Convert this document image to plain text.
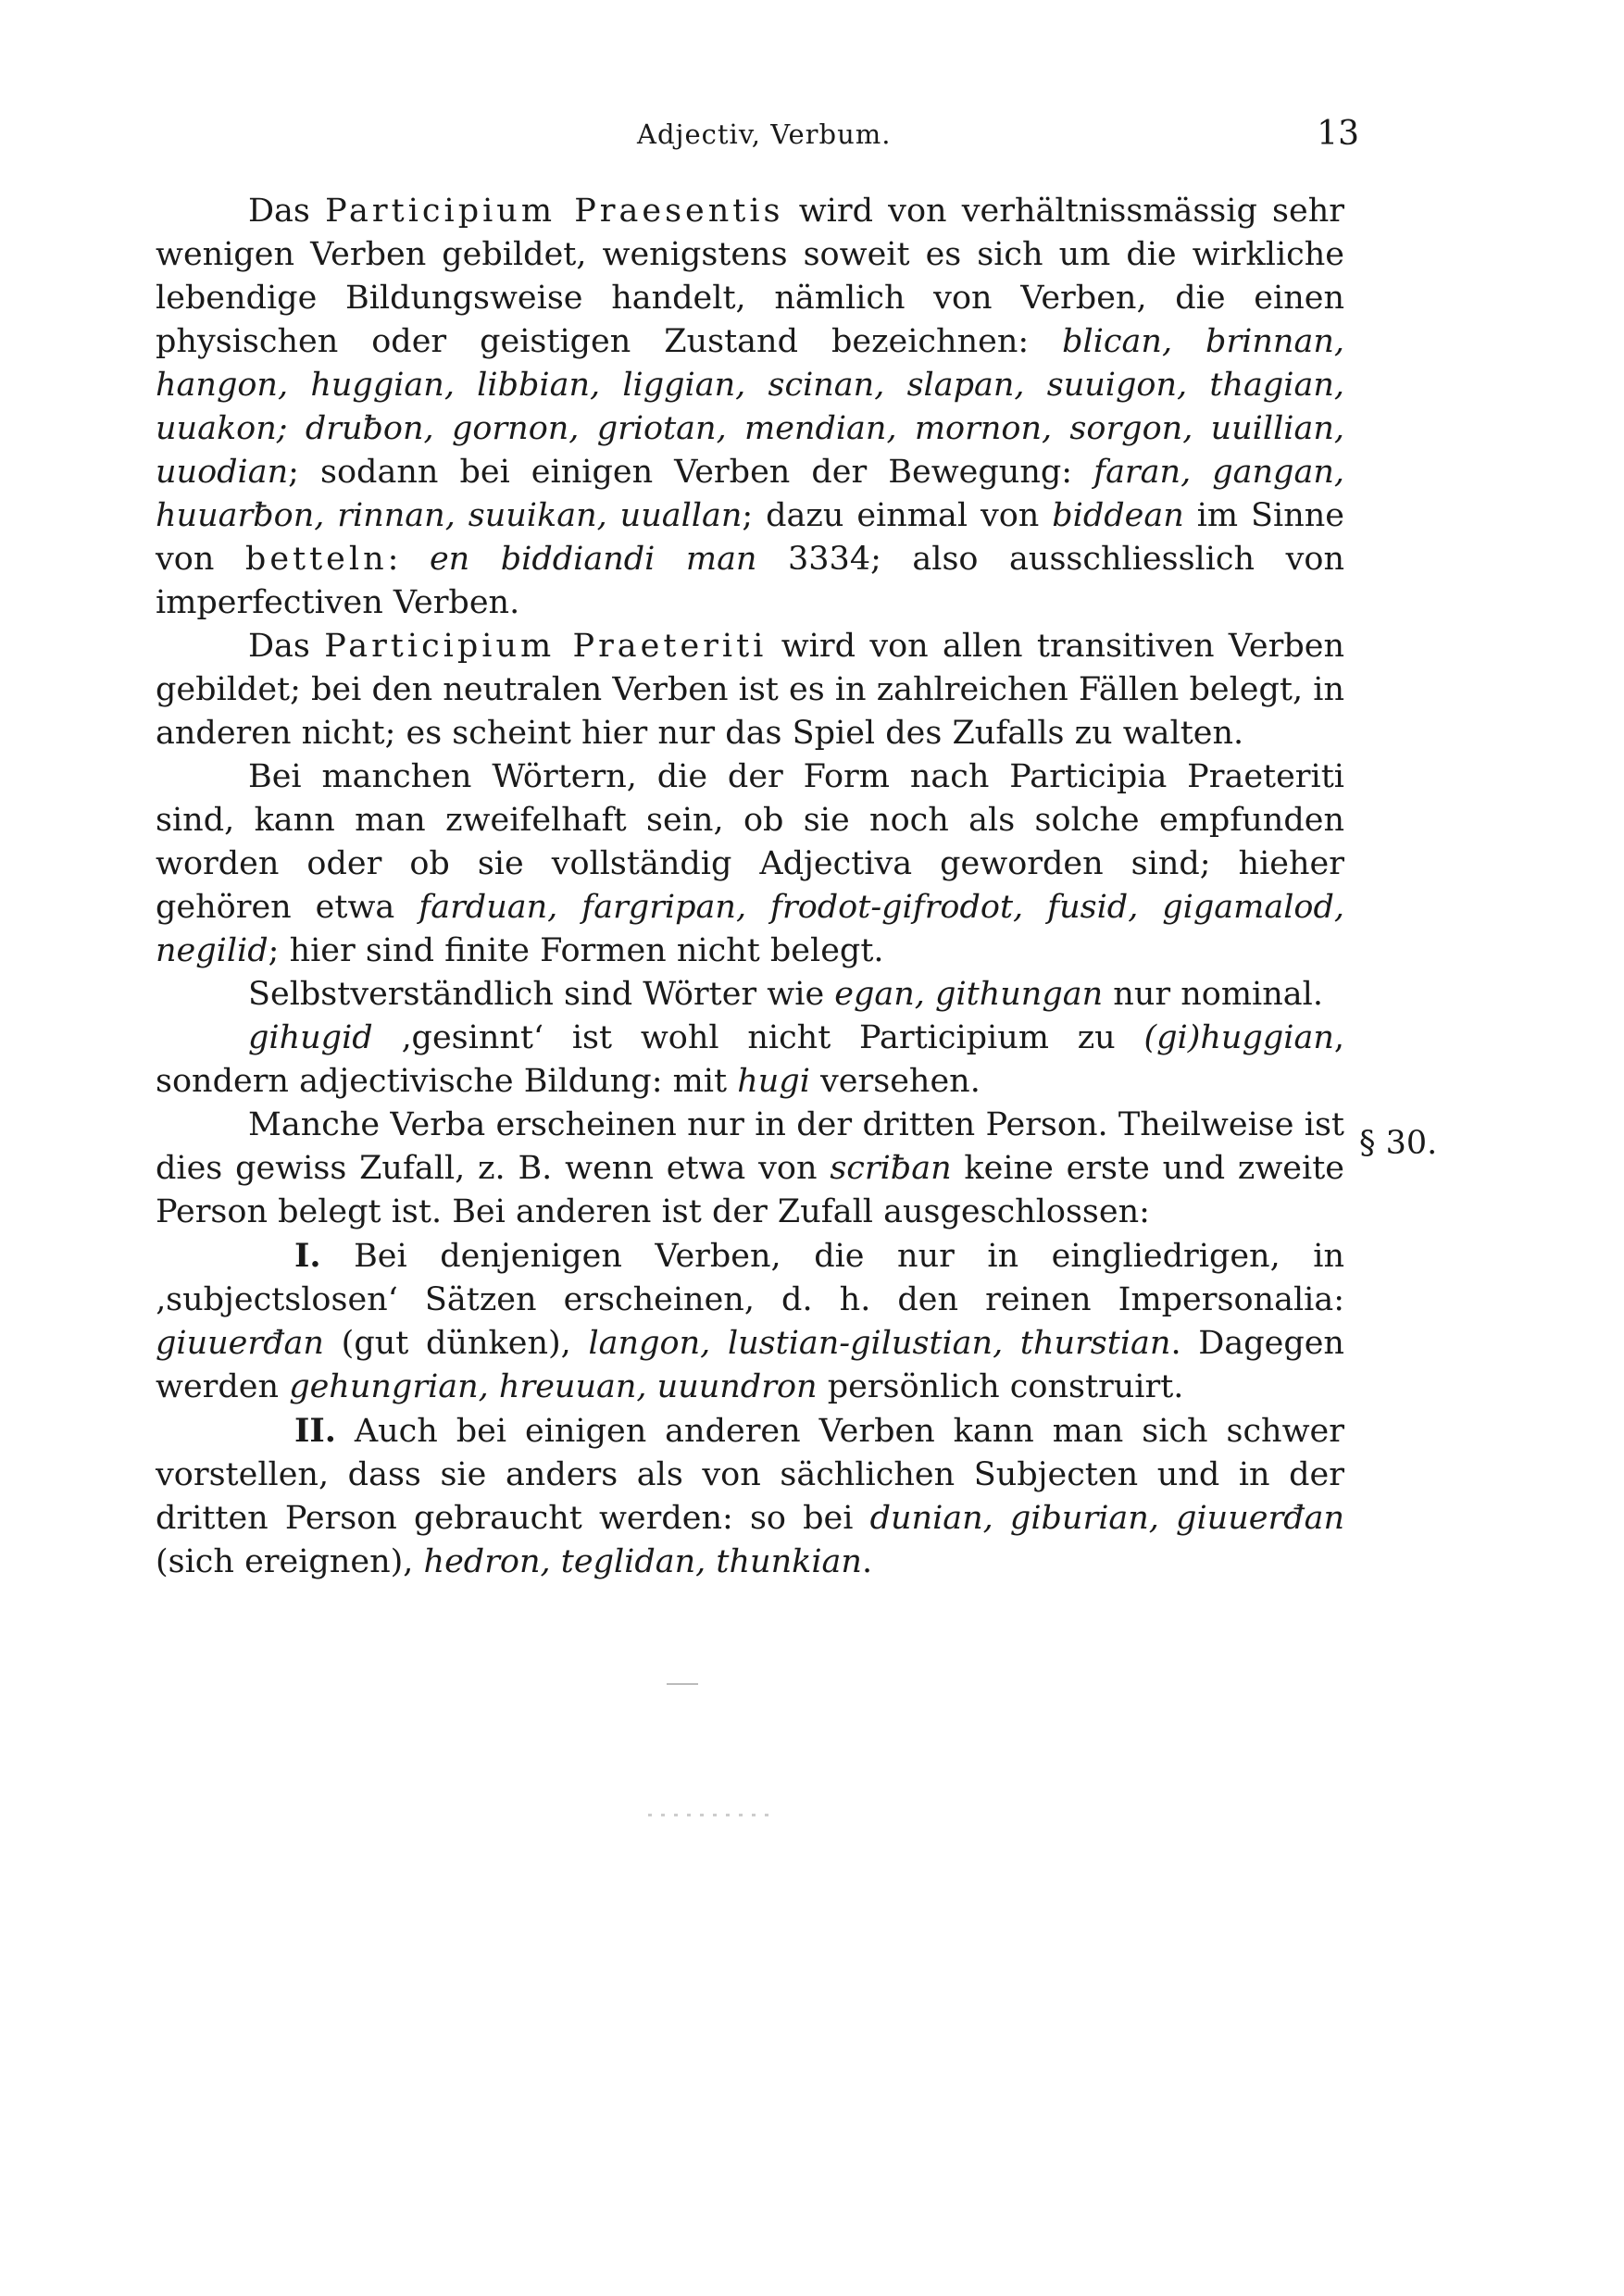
Adjectiv, Verbum.	13
§ 30.

Das Participium Praesentis wird von verhältnissmässig sehr wenigen Verben gebildet, wenigstens soweit es sich um die wirkliche lebendige Bildungsweise handelt, nämlich von Verben, die einen physischen oder geistigen Zustand bezeichnen: blican, brinnan, hangon, huggian, libbian, liggian, scinan, slapan, suuigon, thagian, uuakon; druƀon, gornon, griotan, mendian, mornon, sorgon, uuillian, uuodian; sodann bei einigen Verben der Bewegung: faran, gangan, huuarƀon, rinnan, suuikan, uuallan; dazu einmal von biddean im Sinne von betteln: en biddiandi man 3334; also ausschliesslich von imperfectiven Verben.

Das Participium Praeteriti wird von allen transitiven Verben gebildet; bei den neutralen Verben ist es in zahlreichen Fällen belegt, in anderen nicht; es scheint hier nur das Spiel des Zufalls zu walten.

Bei manchen Wörtern, die der Form nach Participia Praeteriti sind, kann man zweifelhaft sein, ob sie noch als solche empfunden worden oder ob sie vollständig Adjectiva geworden sind; hieher gehören etwa farduan, fargripan, frodot-gifrodot, fusid, gigamalod, negilid; hier sind finite Formen nicht belegt.

Selbstverständlich sind Wörter wie egan, githungan nur nominal.

gihugid ‚gesinnt‘ ist wohl nicht Participium zu (gi)huggian, sondern adjectivische Bildung: mit hugi versehen.

Manche Verba erscheinen nur in der dritten Person. Theilweise ist dies gewiss Zufall, z. B. wenn etwa von scriƀan keine erste und zweite Person belegt ist. Bei anderen ist der Zufall ausgeschlossen:

I. Bei denjenigen Verben, die nur in eingliedrigen, in ‚subjectslosen‘ Sätzen erscheinen, d. h. den reinen Impersonalia: giuuerđan (gut dünken), langon, lustian-gilustian, thurstian. Dagegen werden gehungrian, hreuuan, uuundron persönlich construirt.

II. Auch bei einigen anderen Verben kann man sich schwer vorstellen, dass sie anders als von sächlichen Subjecten und in der dritten Person gebraucht werden: so bei dunian, giburian, giuuerđan (sich ereignen), hedron, teglidan, thunkian.
